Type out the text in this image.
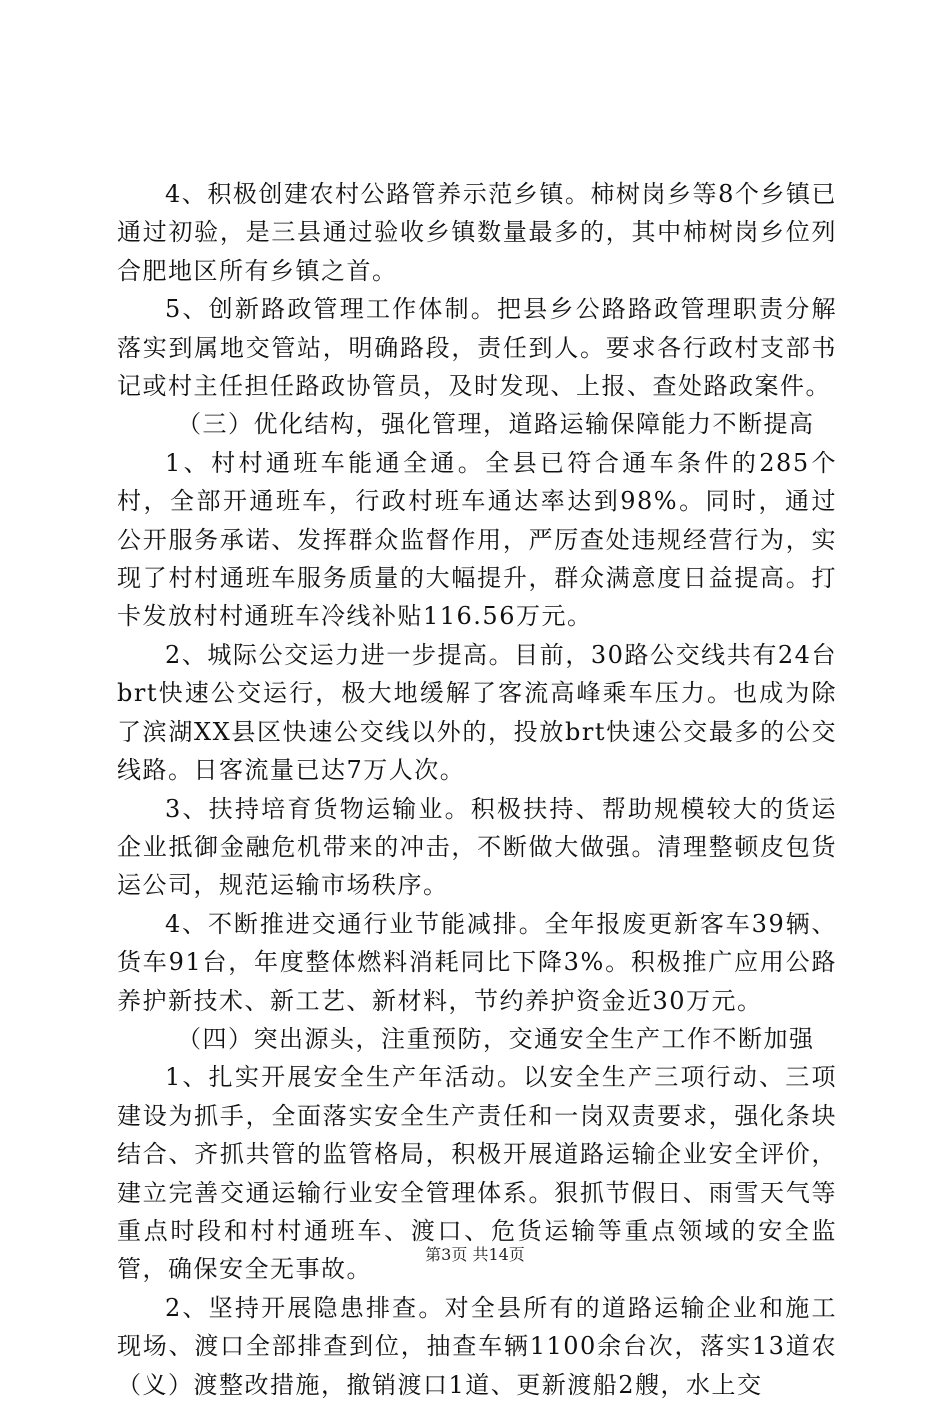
4、积极创建农村公路管养示范乡镇。柿树岗乡等8个乡镇已通过初验，是三县通过验收乡镇数量最多的，其中柿树岗乡位列合肥地区所有乡镇之首。

5、创新路政管理工作体制。把县乡公路路政管理职责分解落实到属地交管站，明确路段，责任到人。要求各行政村支部书记或村主任担任路政协管员，及时发现、上报、查处路政案件。

（三）优化结构，强化管理，道路运输保障能力不断提高

1、村村通班车能通全通。全县已符合通车条件的285个村，全部开通班车，行政村班车通达率达到98%。同时，通过公开服务承诺、发挥群众监督作用，严厉查处违规经营行为，实现了村村通班车服务质量的大幅提升，群众满意度日益提高。打卡发放村村通班车冷线补贴116.56万元。

2、城际公交运力进一步提高。目前，30路公交线共有24台brt快速公交运行，极大地缓解了客流高峰乘车压力。也成为除了滨湖XX县区快速公交线以外的，投放brt快速公交最多的公交线路。日客流量已达7万人次。

3、扶持培育货物运输业。积极扶持、帮助规模较大的货运企业抵御金融危机带来的冲击，不断做大做强。清理整顿皮包货运公司，规范运输市场秩序。

4、不断推进交通行业节能减排。全年报废更新客车39辆、货车91台，年度整体燃料消耗同比下降3%。积极推广应用公路养护新技术、新工艺、新材料，节约养护资金近30万元。

（四）突出源头，注重预防，交通安全生产工作不断加强

1、扎实开展安全生产年活动。以安全生产三项行动、三项建设为抓手，全面落实安全生产责任和一岗双责要求，强化条块结合、齐抓共管的监管格局，积极开展道路运输企业安全评价，建立完善交通运输行业安全管理体系。狠抓节假日、雨雪天气等重点时段和村村通班车、渡口、危货运输等重点领域的安全监管，确保安全无事故。

2、坚持开展隐患排查。对全县所有的道路运输企业和施工现场、渡口全部排查到位，抽查车辆1100余台次，落实13道农（义）渡整改措施，撤销渡口1道、更新渡船2艘，水上交

第3页 共14页
